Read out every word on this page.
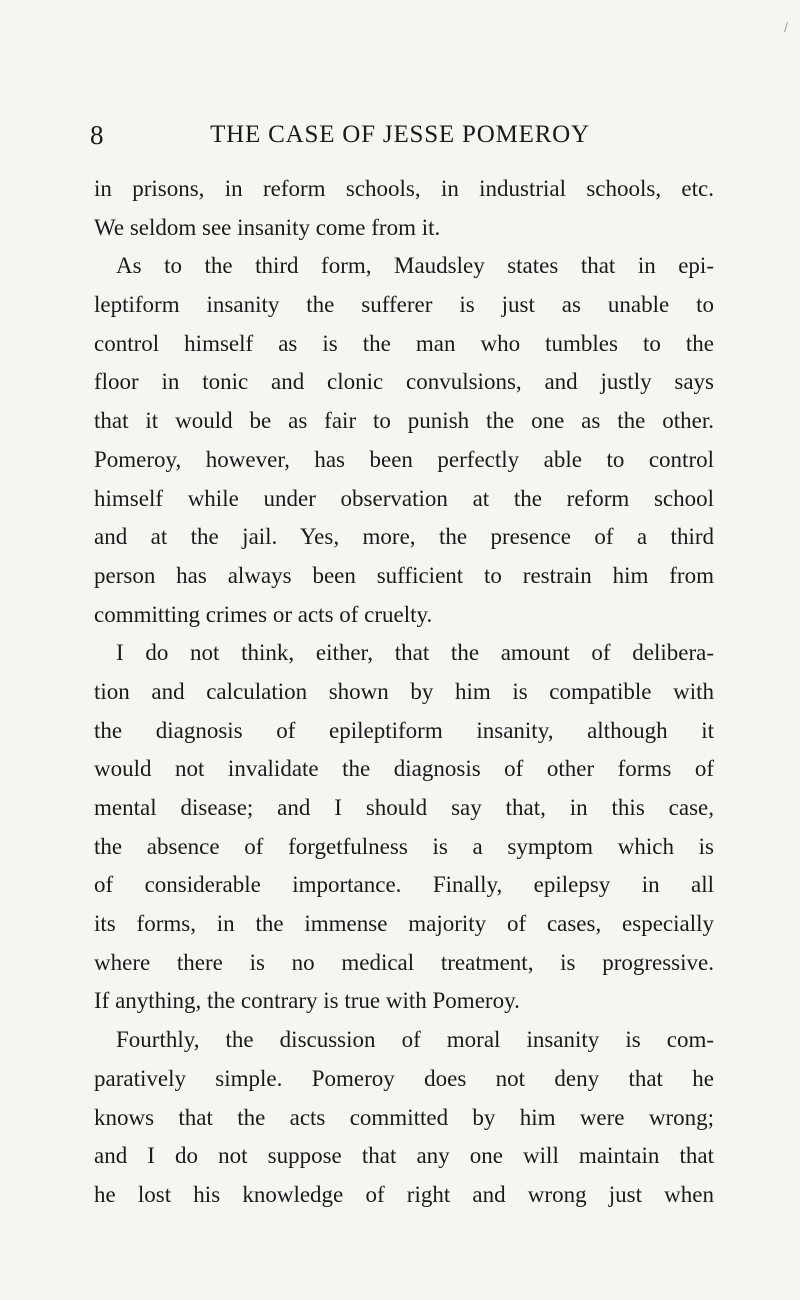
/
8	THE CASE OF JESSE POMEROY
in prisons, in reform schools, in industrial schools, etc.
We seldom see insanity come from it.
As to the third form, Maudsley states that in epi-
leptiform insanity the sufferer is just as unable to
control himself as is the man who tumbles to the
floor in tonic and clonic convulsions, and justly says
that it would be as fair to punish the one as the other.
Pomeroy, however, has been perfectly able to control
himself while under observation at the reform school
and at the jail. Yes, more, the presence of a third
person has always been sufficient to restrain him from
committing crimes or acts of cruelty.
I do not think, either, that the amount of delibera-
tion and calculation shown by him is compatible with
the diagnosis of epileptiform insanity, although it
would not invalidate the diagnosis of other forms of
mental disease; and I should say that, in this case,
the absence of forgetfulness is a symptom which is
of considerable importance. Finally, epilepsy in all
its forms, in the immense majority of cases, especially
where there is no medical treatment, is progressive.
If anything, the contrary is true with Pomeroy.
Fourthly, the discussion of moral insanity is com-
paratively simple. Pomeroy does not deny that he
knows that the acts committed by him were wrong;
and I do not suppose that any one will maintain that
he lost his knowledge of right and wrong just when
